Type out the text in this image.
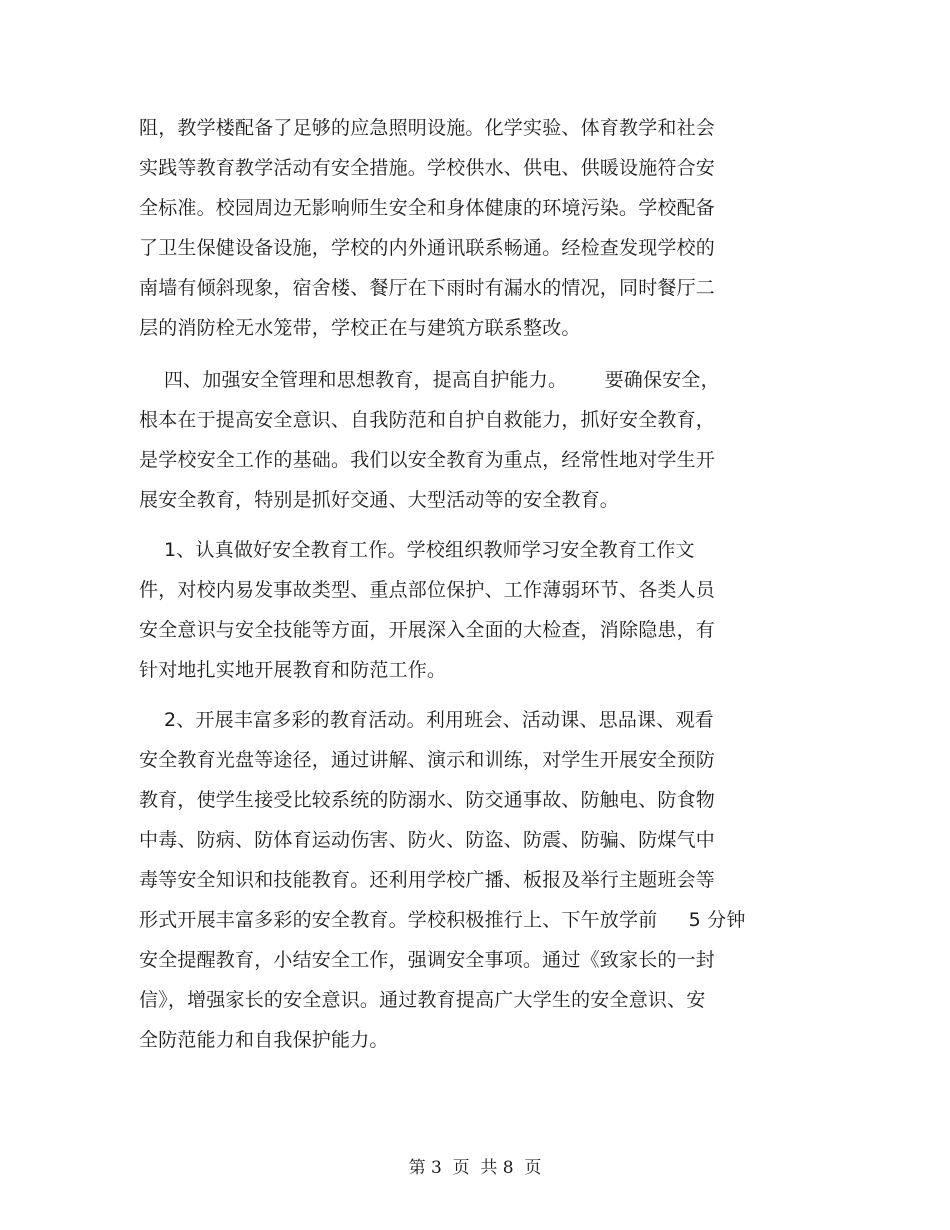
阻，教学楼配备了足够的应急照明设施。化学实验、体育教学和社会
实践等教育教学活动有安全措施。学校供水、供电、供暖设施符合安
全标准。校园周边无影响师生安全和身体健康的环境污染。学校配备
了卫生保健设备设施，学校的内外通讯联系畅通。经检查发现学校的
南墙有倾斜现象，宿舍楼、餐厅在下雨时有漏水的情况，同时餐厅二
层的消防栓无水笼带，学校正在与建筑方联系整改。
四、加强安全管理和思想教育，提高自护能力。      要确保安全，
根本在于提高安全意识、自我防范和自护自救能力，抓好安全教育，
是学校安全工作的基础。我们以安全教育为重点，经常性地对学生开
展安全教育，特别是抓好交通、大型活动等的安全教育。
1、认真做好安全教育工作。学校组织教师学习安全教育工作文
件，对校内易发事故类型、重点部位保护、工作薄弱环节、各类人员
安全意识与安全技能等方面，开展深入全面的大检查，消除隐患，有
针对地扎实地开展教育和防范工作。
2、开展丰富多彩的教育活动。利用班会、活动课、思品课、观看
安全教育光盘等途径，通过讲解、演示和训练，对学生开展安全预防
教育，使学生接受比较系统的防溺水、防交通事故、防触电、防食物
中毒、防病、防体育运动伤害、防火、防盗、防震、防骗、防煤气中
毒等安全知识和技能教育。还利用学校广播、板报及举行主题班会等
形式开展丰富多彩的安全教育。学校积极推行上、下午放学前     5 分钟
安全提醒教育，小结安全工作，强调安全事项。通过《致家长的一封
信》，增强家长的安全意识。通过教育提高广大学生的安全意识、安
全防范能力和自我保护能力。
第 3  页  共 8  页
